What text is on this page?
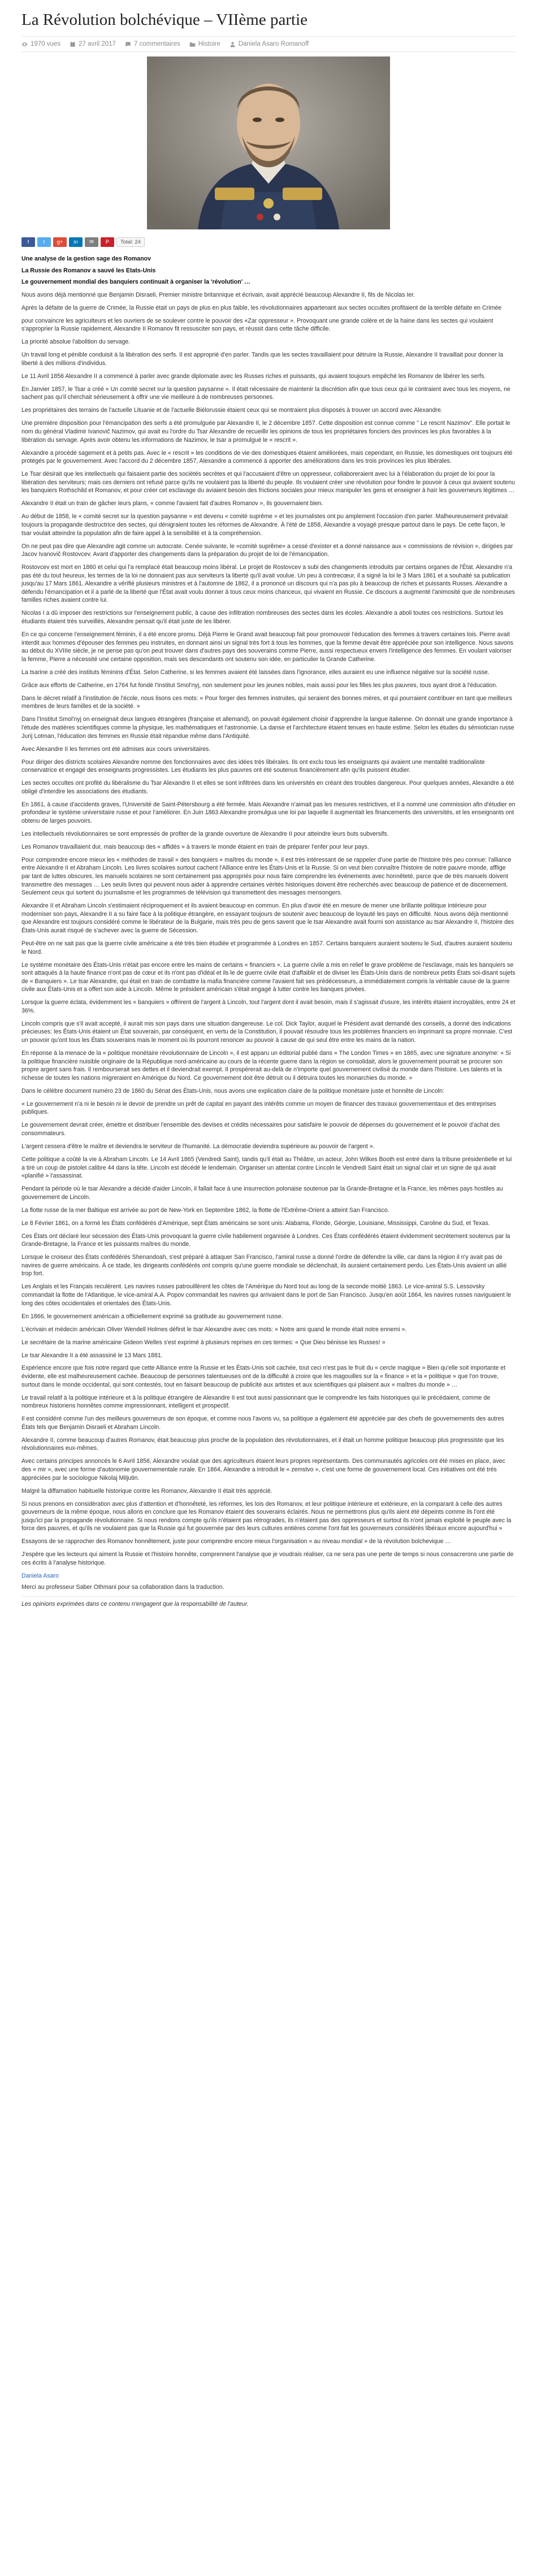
La Révolution bolchévique – VIIème partie
1970 vues	27 avril 2017	7 commentaires	Histoire	Daniela Asaro Romanoff
f	t	g+	in	✉	P	Total: 24

Une analyse de la gestion sage des Romanov

La Russie des Romanov a sauvé les Etats-Unis

Le gouvernement mondial des banquiers continuait à organiser la 'révolution' …

Nous avons déjà mentionné que Benjamin Disraeli, Premier ministre britannique et écrivain, avait apprécié beaucoup Alexandre II, fils de Nicolas Ier.

Après la défaite de la guerre de Crimée, la Russie était un pays de plus en plus faible, les révolutionnaires appartenant aux sectes occultes profitaient de la terrible défaite en Crimée

pour convaincre les agriculteurs et les ouvriers de se soulever contre le pouvoir des «Zar oppresseur ». Provoquant une grande colère et de la haine dans les sectes qui voulaient s'approprier la Russie rapidement, Alexandre II Romanov fit ressusciter son pays, et réussit dans cette tâche difficile.

La priorité absolue l'abolition du servage.

Un travail long et pénible conduisit à la libération des serfs. Il est approprié d'en parler. Tandis que les sectes travaillaient pour détruire la Russie, Alexandre II travaillait pour donner la liberté à des millions d'individus.

Le 11 Avril 1856 Alexandre II a commencé à parler avec grande diplomatie avec les Russes riches et puissants, qui avaient toujours empêché les Romanov de libérer les serfs.

En Janvier 1857, le Tsar a créé « Un comité secret sur la question paysanne ». Il était nécessaire de maintenir la discrétion afin que tous ceux qui le contraient avec tous les moyens, ne sachent pas qu'il cherchait sérieusement à offrir une vie meilleure à de nombreuses personnes.

Les propriétaires des terrains de l'actuelle Lituanie et de l'actuelle Biélorussie étaient ceux qui se montraient plus disposés à trouver un accord avec Alexandre.

Une première disposition pour l'émancipation des serfs a été promulguée par Alexandre II, le 2 décembre 1857. Cette disposition est connue comme " Le rescrit Nazimov". Elle portait le nom du général Vladimir Ivanovič Nazimov, qui avait eu l'ordre du Tsar Alexandre de recueillir les opinions de tous les propriétaires fonciers des provinces les plus favorables à la libération du servage. Après avoir obtenu les informations de Nazimov, le tsar a promulgué le « rescrit ».

Alexandre a procédé sagement et à petits pas. Avec le « rescrit » les conditions de vie des domestiques étaient améliorées, mais cependant, en Russie, les domestiques ont toujours été protégés par le gouvernement. Avec l'accord du 2 décembre 1857, Alexandre a commencé à apporter des améliorations dans les trois provinces les plus libérales.

Le Tsar désirait que les intellectuels qui faisaient partie des sociétés secrètes et qui l'accusaient d'être un oppresseur, collaboreraient avec lui à l'élaboration du projet de loi pour la libération des serviteurs; mais ces derniers ont refusé parce qu'ils ne voulaient pas la liberté du peuple. Ils voulaient créer une révolution pour fondre le pouvoir à ceux qui avaient soutenu les banquiers Rothschild et Romanov, et pour créer cet esclavage du aviaient besoin des frictions sociales pour mieux manipuler les gens et enseigner à haïr les gouverneurs légitimes …

Alexandre II était un train de gâcher leurs plans, « comme l'avaient fait d'autres Romanov », ils gouvernaient bien.

Au début de 1858, le « comité secret sur la question paysanne » est devenu « comité suprême » et les journalistes ont pu amplement l'occasion d'en parler. Malheureusement prévalait toujours la propagande destructrice des sectes, qui dénigraient toutes les réformes de Alexandre. À l'été de 1858, Alexandre a voyagé presque partout dans le pays. De cette façon, le tsar voulait atteindre la population afin de faire appel à la sensibilité et à la compréhension.

On ne peut pas dire que Alexandre agit comme un autocrate. Cenée suivante, le «comité suprême» a cessé d'exister et a donné naissance aux « commissions de révision », dirigées par Jacov Ivanovič Rostovcev. Avant d'apporter des changements dans la préparation du projet de loi de l'émancipation.

Rostovcev est mort en 1860 et celui qui l'a remplacé était beaucoup moins libéral. Le projet de Rostovcev a subi des changements introduits par certains organes de l'État. Alexandre n'a pas été du tout heureux, les termes de la loi ne donnaient pas aux serviteurs la liberté qu'il avait voulue. Un peu à contrecœur, il a signé la loi le 3 Mars 1861 et a souhaité sa publication jusqu'au 17 Mars 1861. Alexandre a vérifié plusieurs ministres et à l'automne de 1862, il a prononcé un discours qui n'a pas plu à beaucoup de riches et puissants Russes. Alexandre a défendu l'émancipation et il a parlé de la liberté que l'État avait voulu donner à tous ceux moins chanceux, qui vivaient en Russie. Ce discours a augmenté l'animosité que de nombreuses familles riches avaient contre lui.

Nicolas I a dû imposer des restrictions sur l'enseignement public, à cause des infiltration nombreuses des sectes dans les écoles. Alexandre a aboli toutes ces restrictions. Surtout les étudiants étaient très surveillés, Alexandre pensait qu'il était juste de les libérer.

En ce qui concerne l'enseignement féminin, il a été encore promu. Déjà Pierre le Grand avait beaucoup fait pour promouvoir l'éducation des femmes à travers certaines lois. Pierre avait interdit aux hommes d'épouser des femmes peu instruites, en donnant ainsi un signal très fort à tous les hommes, que la femme devait être appréciée pour son intelligence. Nous savons au début du XVIIIe siècle, je ne pense pas qu'on peut trouver dans d'autres pays des souverains comme Pierre, aussi respectueux envers l'intelligence des femmes. En voulant valoriser la femme, Pierre a nécessité une certaine opposition, mais ses descendants ont soutenu son idée, en particulier la Grande Catherine.

La tsarine a créé des instituts féminins d'État. Selon Catherine, si les femmes avaient été laissées dans l'ignorance, elles auraient eu une influence négative sur la société russe.

Grâce aux efforts de Catherine, en 1764 fut fondé l'Institut Smol'nyj, non seulement pour les jeunes nobles, mais aussi pour les filles les plus pauvres, tous ayant droit à l'éducation.

Dans le décret relatif à l'institution de l'école, nous lisons ces mots: « Pour forger des femmes instruites, qui seraient des bonnes mères, et qui pourraient contribuer en tant que meilleurs membres de leurs familles et de la société. »

Dans l'Institut Smol'nyj on enseignait deux langues étrangères (française et allemand), on pouvait également choisir d'apprendre la langue italienne. On donnait une grande importance à l'étude des matières scientifiques comme la physique, les mathématiques et l'astronomie. La danse et l'architecture étaient tenues en haute estime. Selon les études du sémiotician russe Jurij Lotman, l'éducation des femmes en Russie était répandue même dans l'Antiquité.

Avec Alexandre II les femmes ont été admises aux cours universitaires.

Pour diriger des districts scolaires Alexandre nomme des fonctionnaires avec des idées très libérales. Ils ont exclu tous les enseignants qui avaient une mentalité traditionaliste conservatrice et engagé des enseignants progressistes. Les étudiants les plus pauvres ont été soutenus financièrement afin qu'ils puissent étudier.

Les sectes occultes ont profité du libéralisme du Tsar Alexandre II et elles se sont infiltrées dans les universités en créant des troubles dangereux. Pour quelques années, Alexandre a été obligé d'interdire les associations des étudiants.

En 1861, à cause d'accidents graves, l'Université de Saint-Pétersbourg a été fermée. Mais Alexandre n'aimait pas les mesures restrictives, et il a nommé une commission afin d'étudier en profondeur le système universitaire russe et pour l'améliorer. En Juin 1863 Alexandre promulgua une loi par laquelle il augmentait les financements des universités, et les enseignants ont obtenu de larges pouvoirs.

Les intellectuels révolutionnaires se sont empressés de profiter de la grande ouverture de Alexandre II pour atteindre leurs buts subversifs.

Les Romanov travaillaient dur, mais beaucoup des « affidés » à travers le monde étaient en train de préparer l'enfer pour leur pays.

Pour comprendre encore mieux les « méthodes de travail » des banquiers « maîtres du monde », il est très intéressant de se rappeler d'une partie de l'histoire très peu connue: l'alliance entre Alexandre II et Abraham Lincoln. Les livres scolaires surtout cachent l'Alliance entre les États-Unis et la Russie. Si on veut bien connaître l'histoire de notre pauvre monde, afflige par tant de luttes obscures, les manuels scolaires ne sont certainement pas appropriés pour nous faire comprendre les événements avec honnêteté, parce que de très manuels doivent transmettre des messages … Les seuls livres qui peuvent nous aider à apprendre certaines vérités historiques doivent être recherchés avec beaucoup de patience et de discernement. Seulement ceux qui sortent du journalisme et les programmes de télévision qui transmettent des messages mensongers.

Alexandre II et Abraham Lincoln s'estimaient réciproquement et ils avaient beaucoup en commun. En plus d'avoir été en mesure de mener une brillante politique intérieure pour moderniser son pays, Alexandre II a su faire face à la politique étrangère, en essayant toujours de soutenir avec beaucoup de loyauté les pays en difficulté. Nous avons déjà mentionné que Alexandre est toujours considéré comme le libérateur de la Bulgarie, mais très peu de gens savent que le tsar Alexandre avait fourni son assistance au tsar Alexandre II, l'histoire des États-Unis aurait risqué de s'achever avec la guerre de Sécession.

Peut-être on ne sait pas que la guerre civile américaine a été très bien étudiée et programmée à Londres en 1857. Certains banquiers auraient soutenu le Sud, d'autres auraient soutenu le Nord.

Le système monétaire des États-Unis n'était pas encore entre les mains de certains « financiers ». La guerre civile a mis en relief le grave problème de l'esclavage, mais les banquiers se sont attaqués à la haute finance n'ont pas de cœur et ils n'ont pas d'idéal et ils le de guerre civile était d'affaiblir et de diviser les États-Unis dans de nombreux petits États soi-disant sujets de « Banquiers ». Le tsar Alexandre, qui était en train de combattre la mafia financière comme l'avaient fait ses prédécesseurs, a immédiatement compris la véritable cause de la guerre civile aux États-Unis et a offert son aide à Lincoln. Même le président américain s'était engagé à lutter contre les banques privées.

Lorsque la guerre éclata, évidemment les « banquiers » offrirent de l'argent à Lincoln, tout l'argent dont il avait besoin, mais il s'agissait d'usure, les intérêts étaient incroyables, entre 24 et 36%.

Lincoln compris que s'il avait accepté, il aurait mis son pays dans une situation dangereuse. Le col. Dick Taylor, auquel le Président avait demandé des conseils, a donné des indications précieuses: les États-Unis étaient un État souverain, par conséquent, en vertu de la Constitution, il pouvait résoudre tous les problèmes financiers en imprimant sa propre monnaie. C'est un pouvoir qu'ont tous les États souverains mais le moment où ils pourront renoncer au pouvoir à cause de qui seul être entre les mains de la nation.

En réponse à la menace de la « politique monétaire révolutionnaire de Lincoln », il est apparu un éditorial publié dans « The London Times » en 1865, avec une signature anonyme: « Si la politique financière nuisible originaire de la République nord-américaine au cours de la récente guerre dans la région se consolidait, alors le gouvernement pourrait se procurer son propre argent sans frais. Il rembourserait ses dettes et il deviendrait exempt. Il prospérerait au-delà de n'importe quel gouvernement civilisé du monde dans l'histoire. Les talents et la richesse de toutes les nations migreraient en Amérique du Nord. Ce gouvernement doit être détruit ou il détruira toutes les monarchies du monde. »

Dans le célèbre document numéro 23 de 1860 du Sénat des États-Unis, nous avons une explication claire de la politique monétaire juste et honnête de Lincoln:

« Le gouvernement n'a ni le besoin ni le devoir de prendre un prêt de capital en payant des intérêts comme un moyen de financer des travaux gouvernementaux et des entreprises publiques.

Le gouvernement devrait créer, émettre et distribuer l'ensemble des devises et crédits nécessaires pour satisfaire le pouvoir de dépenses du gouvernement et le pouvoir d'achat des consommateurs.

L'argent cessera d'être le maître et deviendra le serviteur de l'humanité. La démocratie deviendra supérieure au pouvoir de l'argent ».

Cette politique a coûté la vie à Abraham Lincoln. Le 14 Avril 1865 (Vendredi Saint), tandis qu'il était au Théâtre, un acteur, John Wilkes Booth est entré dans la tribune présidentielle et lui a tiré un coup de pistolet calibre 44 dans la tête. Lincoln est décédé le lendemain. Organiser un attentat contre Lincoln le Vendredi Saint était un signal clair et un signe de qui avait «planifié » l'assassinat.

Pendant la période où le tsar Alexandre a décidé d'aider Lincoln, il fallait face à une insurrection polonaise soutenue par la Grande-Bretagne et la France, les mêmes pays hostiles au gouvernement de Lincoln.

La flotte russe de la mer Baltique est arrivée au port de New-York en Septembre 1862, la flotte de l'Extrême-Orient a atteint San Francisco.

Le 8 Février 1861, on a formé les États confédérés d'Amérique, sept États américains se sont unis: Alabama, Floride, Géorgie, Louisiane, Mississippi, Caroline du Sud, et Texas.

Ces États ont déclaré leur sécession des États-Unis provoquant la guerre civile habilement organisée à Londres. Ces États confédérés étaient évidemment secrètement soutenus par la Grande-Bretagne, la France et les puissants maîtres du monde.

Lorsque le croiseur des États confédérés Shenandoah, s'est préparé à attaquer San Francisco, l'amiral russe a donné l'ordre de défendre la ville, car dans la région il n'y avait pas de navires de guerre américains. À ce stade, les dirigeants confédérés ont compris qu'une guerre mondiale se déclenchait, ils auraient certainement perdu. Les États-Unis avaient un allié trop fort.

Les Anglais et les Français reculèrent. Les navires russes patrouillèrent les côtes de l'Amérique du Nord tout au long de la seconde moitié 1863. Le vice-amiral S.S. Lessovsky commandait la flotte de l'Atlantique, le vice-amiral A.A. Popov commandait les navires qui arrivaient dans le port de San Francisco. Jusqu'en août 1864, les navires russes naviguaient le long des côtes occidentales et orientales des États-Unis.

En 1866, le gouvernement américain a officiellement exprimé sa gratitude au gouvernement russe.

L'écrivain et médecin américain Oliver Wendell Holmes définit le tsar Alexandre avec ces mots: « Notre ami quand le monde était notre ennemi ».

Le secrétaire de la marine américaine Gideon Welles s'est exprimé à plusieurs reprises en ces termes: « Que Dieu bénisse les Russes! »

Le tsar Alexandre II a été assassiné le 13 Mars 1881.

Expérience encore que fois notre regard que cette Alliance entre la Russie et les États-Unis soit cachée, tout ceci n'est pas le fruit du « cercle magique » Bien qu'elle soit importante et évidente, elle est malheureusement cachée. Beaucoup de personnes talentueuses ont de la difficulté à croire que les magouilles sur la « finance » et la « politique » que l'on trouve, surtout dans le monde occidental, qui sont contestés, tout en faisant beaucoup de publicité aux artistes et aux scientifiques qui plaisent aux « maîtres du monde » …

Le travail relatif à la politique intérieure et à la politique étrangère de Alexandre II est tout aussi passionnant que le comprendre les faits historiques qui le précédaient, comme de nombreux historiens honnêtes comme impressionnant, intelligent et prospectif.

Il est considéré comme l'un des meilleurs gouverneurs de son époque, et comme nous l'avons vu, sa politique a également été appréciée par des chefs de gouvernements des autres États tels que Benjamin Disraeli et Abraham Lincoln.

Alexandre II, comme beaucoup d'autres Romanov, était beaucoup plus proche de la population des révolutionnaires, et il était un homme politique beaucoup plus progressiste que les révolutionnaires eux-mêmes.

Avec certains principes annoncés le 6 Avril 1856, Alexandre voulait que des agriculteurs étaient leurs propres représentants. Des communautés agricoles ont été mises en place, avec des « mir », avec une forme d'autonomie gouvernementale rurale. En 1864, Alexandre a introduit le « zemstvo », c'est une forme de gouvernement local. Ces initiatives ont été très appréciées par le sociologue Nikolaj Miljutin.

Malgré la diffamation habituelle historique contre les Romanov, Alexandre II était très apprécié.

Si nous prenons en considération avec plus d'attention et d'honnêteté, les réformes, les lois des Romanov, et leur politique intérieure et extérieure, en la comparant à celle des autres gouverneurs de la même époque, nous allons en conclure que les Romanov étaient des souverains éclairés. Nous ne permettrons plus qu'ils aient été dépeints comme ils l'ont été jusqu'ici par la propagande révolutionnaire. Si nous rendons compte qu'ils n'étaient pas rétrogrades, ils n'étaient pas des oppresseurs et surtout ils n'ont jamais exploité le peuple avec la force des pauvres, et qu'ils ne voulaient pas que la Russie qui fut gouvernée par des leurs cultures entières comme l'ont fait les gouverneurs considérés libéraux encore aujourd'hui »

Essayons de se rapprocher des Romanov honnêtement, juste pour comprendre encore mieux l'organisation « au niveau mondial » de la révolution bolchevique …

J'espère que les lecteurs qui aiment la Russie et l'histoire honnête, comprennent l'analyse que je voudrais réaliser, ca ne sera pas une perte de temps si nous consacrerons une partie de ces écrits à l'analyse historique.

Daniela Asaro

Merci au professeur Saber Othmani pour sa collaboration dans la traduction.

Les opinions exprimées dans ce contenu n'engagent que la responsabilité de l'auteur.
